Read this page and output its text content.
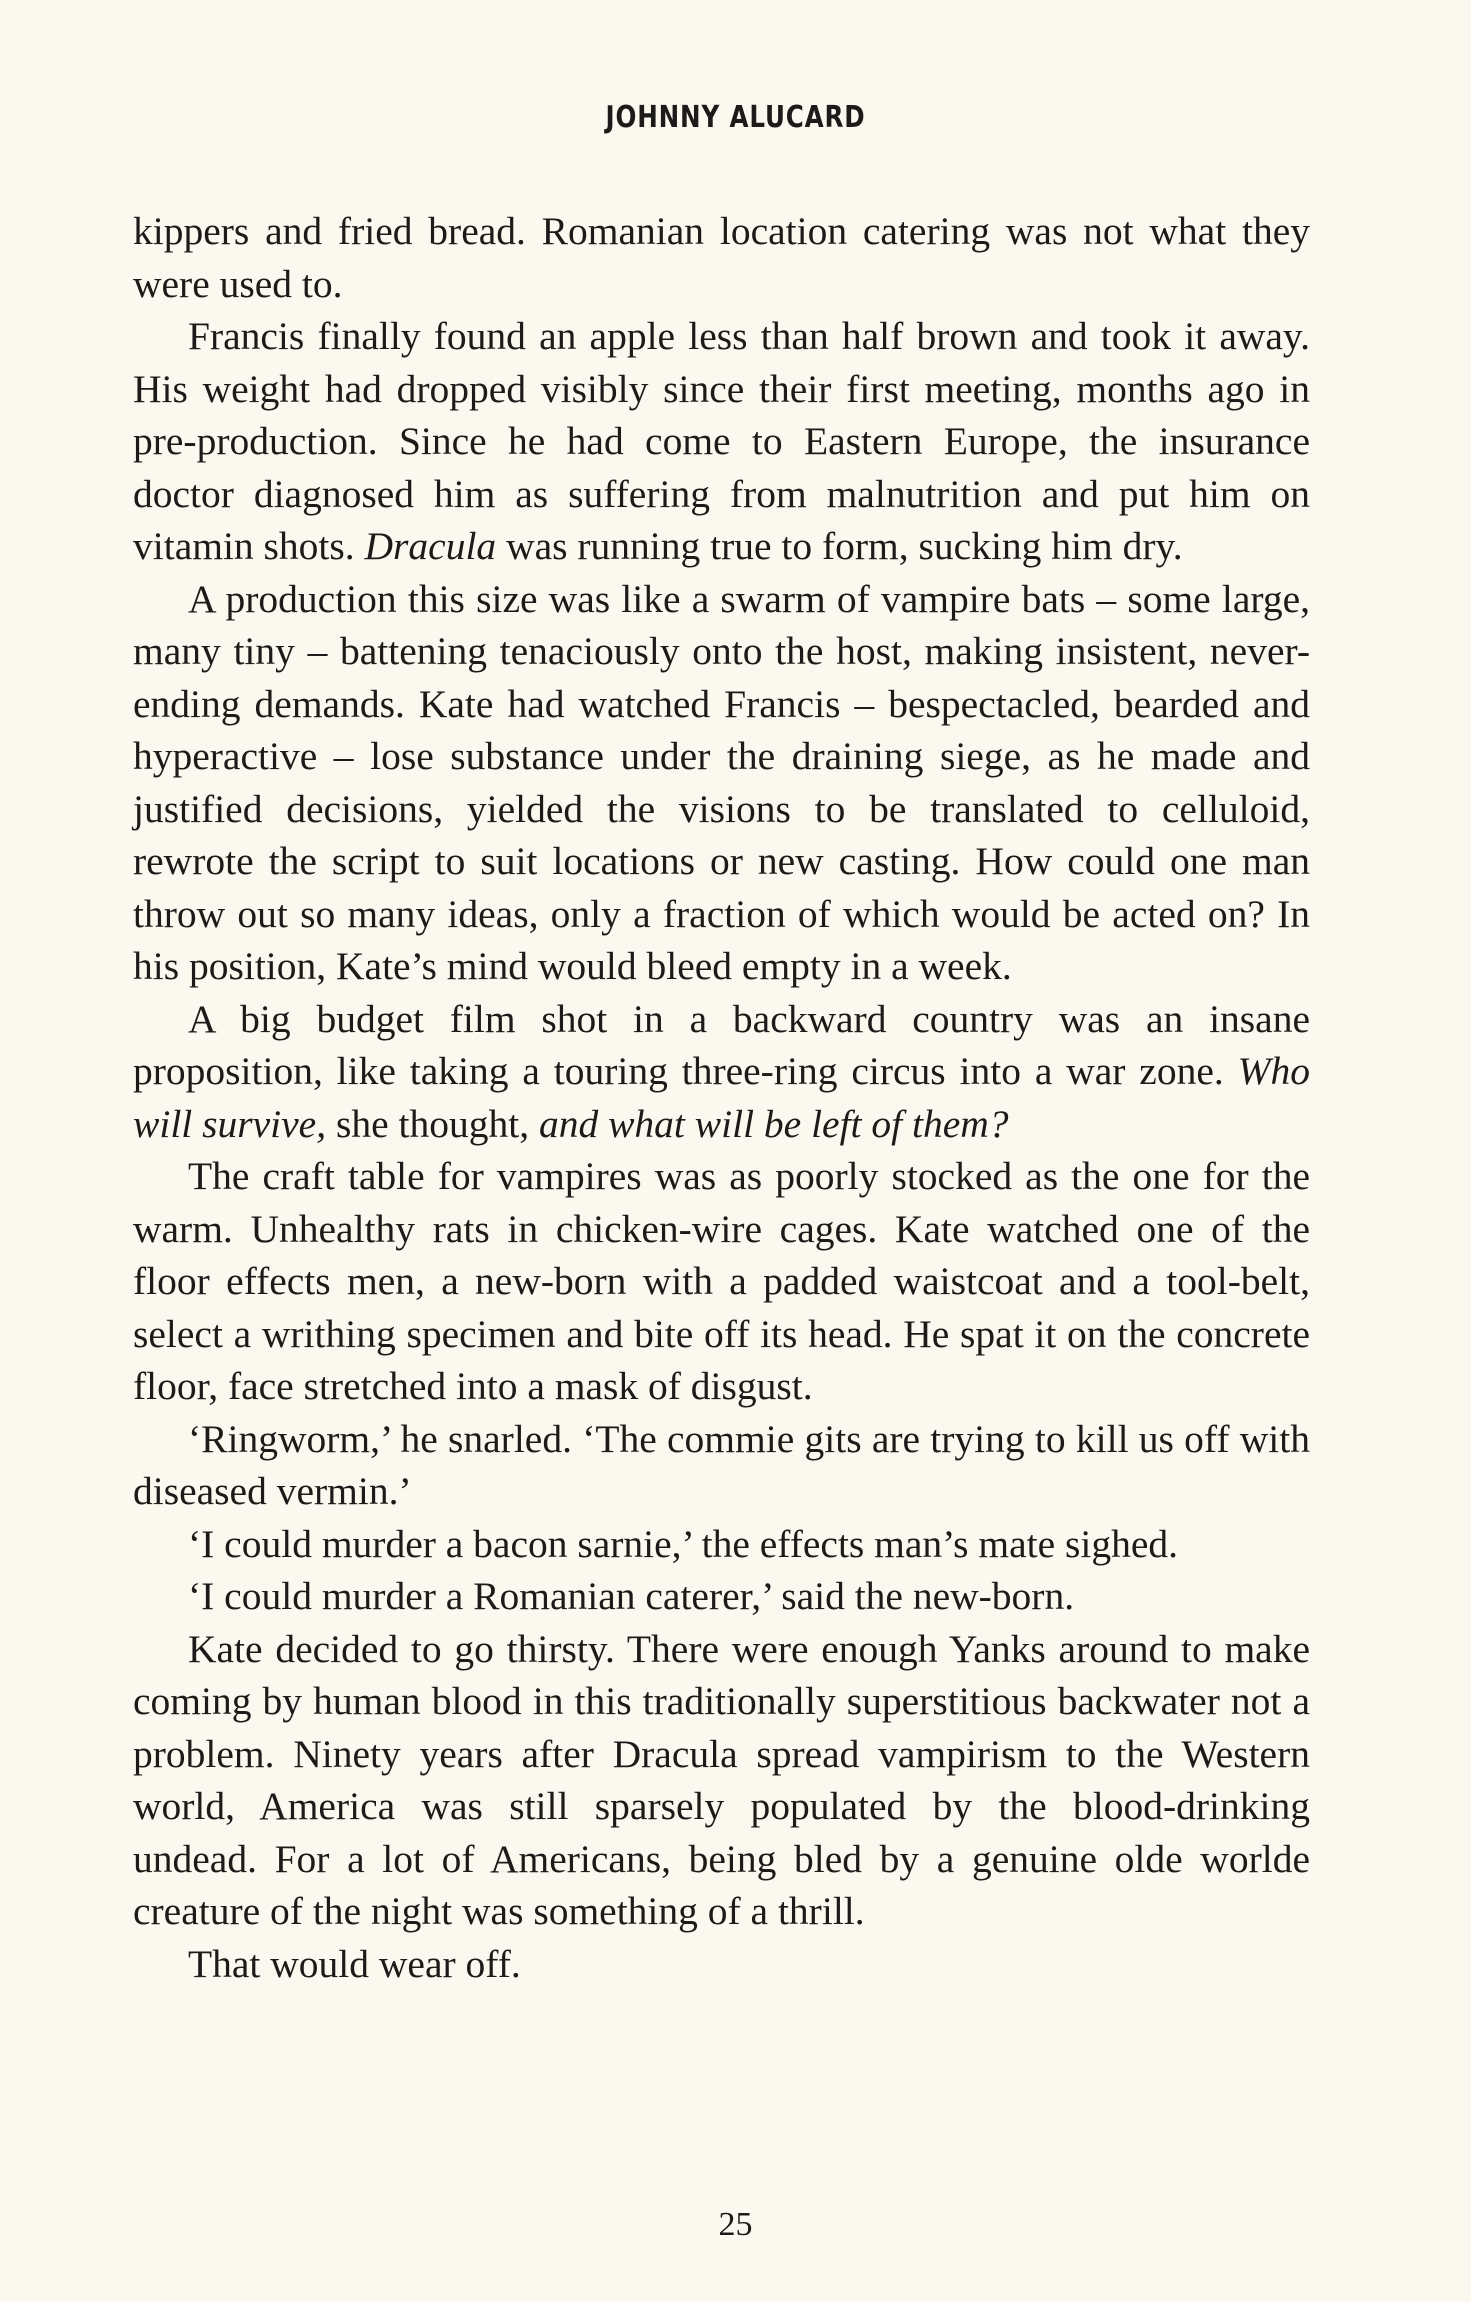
JOHNNY ALUCARD

kippers and fried bread. Romanian location catering was not what they were used to.

Francis finally found an apple less than half brown and took it away. His weight had dropped visibly since their first meeting, months ago in pre-production. Since he had come to Eastern Europe, the insurance doctor diagnosed him as suffering from malnutrition and put him on vitamin shots. Dracula was running true to form, sucking him dry.

A production this size was like a swarm of vampire bats – some large, many tiny – battening tenaciously onto the host, making insistent, never-ending demands. Kate had watched Francis – bespectacled, bearded and hyperactive – lose substance under the draining siege, as he made and justified decisions, yielded the visions to be translated to celluloid, rewrote the script to suit locations or new casting. How could one man throw out so many ideas, only a fraction of which would be acted on? In his position, Kate’s mind would bleed empty in a week.

A big budget film shot in a backward country was an insane proposition, like taking a touring three-ring circus into a war zone. Who will survive, she thought, and what will be left of them?

The craft table for vampires was as poorly stocked as the one for the warm. Unhealthy rats in chicken-wire cages. Kate watched one of the floor effects men, a new-born with a padded waistcoat and a tool-belt, select a writhing specimen and bite off its head. He spat it on the concrete floor, face stretched into a mask of disgust.

‘Ringworm,’ he snarled. ‘The commie gits are trying to kill us off with diseased vermin.’

‘I could murder a bacon sarnie,’ the effects man’s mate sighed.

‘I could murder a Romanian caterer,’ said the new-born.

Kate decided to go thirsty. There were enough Yanks around to make coming by human blood in this traditionally superstitious backwater not a problem. Ninety years after Dracula spread vampirism to the Western world, America was still sparsely populated by the blood-drinking undead. For a lot of Americans, being bled by a genuine olde worlde creature of the night was something of a thrill.

That would wear off.

25
